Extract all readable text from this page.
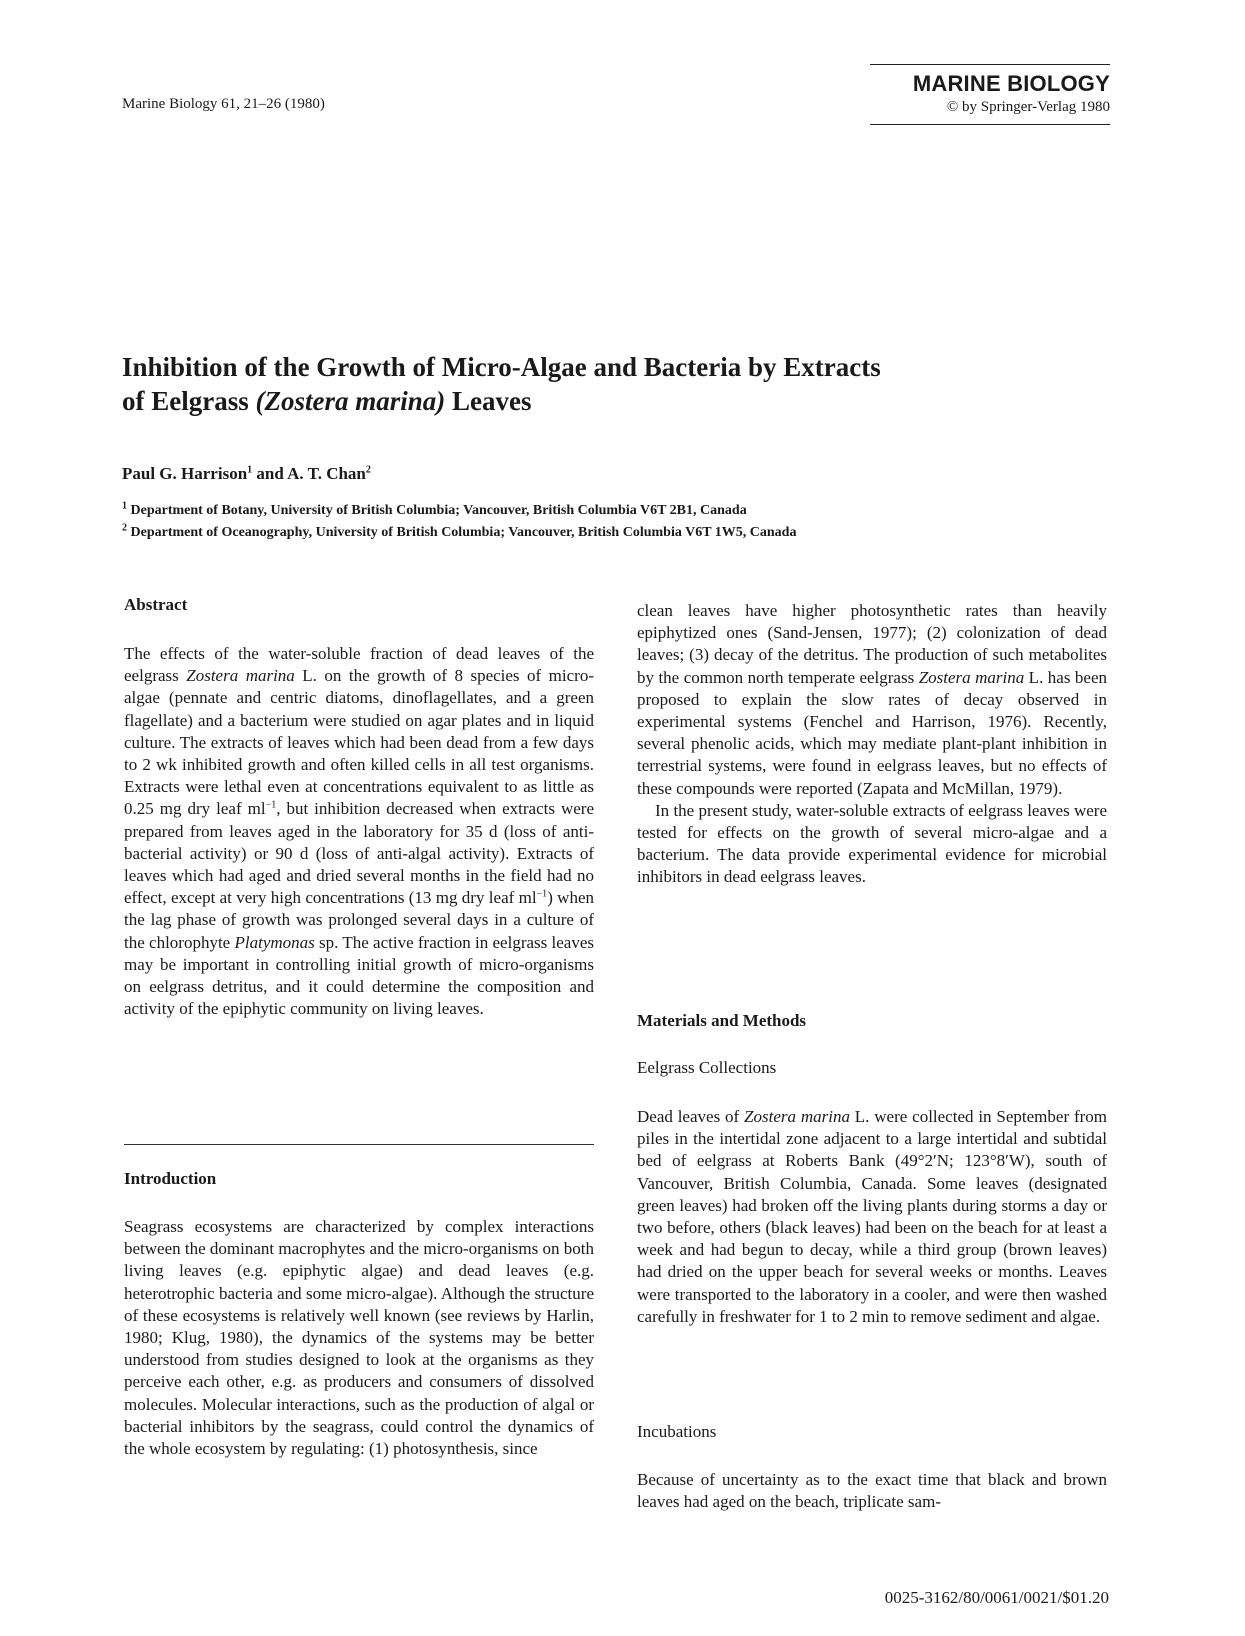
Marine Biology 61, 21–26 (1980)
MARINE BIOLOGY
© by Springer-Verlag 1980
Inhibition of the Growth of Micro-Algae and Bacteria by Extracts
of Eelgrass (Zostera marina) Leaves
Paul G. Harrison$^1$ and A. T. Chan$^2$
$^1$ Department of Botany, University of British Columbia; Vancouver, British Columbia V6T 2B1, Canada
$^2$ Department of Oceanography, University of British Columbia; Vancouver, British Columbia V6T 1W5, Canada
Abstract

The effects of the water-soluble fraction of dead leaves of the eelgrass Zostera marina L. on the growth of 8 species of micro-algae (pennate and centric diatoms, dinoflagellates, and a green flagellate) and a bacterium were studied on agar plates and in liquid culture. The extracts of leaves which had been dead from a few days to 2 wk inhibited growth and often killed cells in all test organisms. Extracts were lethal even at concentrations equivalent to as little as 0.25 mg dry leaf $ml^{-1}$, but inhibition decreased when extracts were prepared from leaves aged in the laboratory for 35 d (loss of anti-bacterial activity) or 90 d (loss of anti-algal activity). Extracts of leaves which had aged and dried several months in the field had no effect, except at very high concentrations (13 mg dry leaf $ml^{-1}$) when the lag phase of growth was prolonged several days in a culture of the chlorophyte Platymonas sp. The active fraction in eelgrass leaves may be important in controlling initial growth of micro-organisms on eelgrass detritus, and it could determine the composition and activity of the epiphytic community on living leaves.

Introduction

Seagrass ecosystems are characterized by complex interactions between the dominant macrophytes and the micro-organisms on both living leaves (e.g. epiphytic algae) and dead leaves (e.g. heterotrophic bacteria and some micro-algae). Although the structure of these ecosystems is relatively well known (see reviews by Harlin, 1980; Klug, 1980), the dynamics of the systems may be better understood from studies designed to look at the organisms as they perceive each other, e.g. as producers and consumers of dissolved molecules. Molecular interactions, such as the production of algal or bacterial inhibitors by the seagrass, could control the dynamics of the whole ecosystem by regulating: (1) photosynthesis, since

clean leaves have higher photosynthetic rates than heavily epiphytized ones (Sand-Jensen, 1977); (2) colonization of dead leaves; (3) decay of the detritus. The production of such metabolites by the common north temperate eelgrass Zostera marina L. has been proposed to explain the slow rates of decay observed in experimental systems (Fenchel and Harrison, 1976). Recently, several phenolic acids, which may mediate plant-plant inhibition in terrestrial systems, were found in eelgrass leaves, but no effects of these compounds were reported (Zapata and McMillan, 1979).

In the present study, water-soluble extracts of eelgrass leaves were tested for effects on the growth of several micro-algae and a bacterium. The data provide experimental evidence for microbial inhibitors in dead eelgrass leaves.

Materials and Methods
Eelgrass Collections

Dead leaves of Zostera marina L. were collected in September from piles in the intertidal zone adjacent to a large intertidal and subtidal bed of eelgrass at Roberts Bank (49°2′N; 123°8′W), south of Vancouver, British Columbia, Canada. Some leaves (designated green leaves) had broken off the living plants during storms a day or two before, others (black leaves) had been on the beach for at least a week and had begun to decay, while a third group (brown leaves) had dried on the upper beach for several weeks or months. Leaves were transported to the laboratory in a cooler, and were then washed carefully in freshwater for 1 to 2 min to remove sediment and algae.

Incubations

Because of uncertainty as to the exact time that black and brown leaves had aged on the beach, triplicate sam-

0025-3162/80/0061/0021/$01.20
